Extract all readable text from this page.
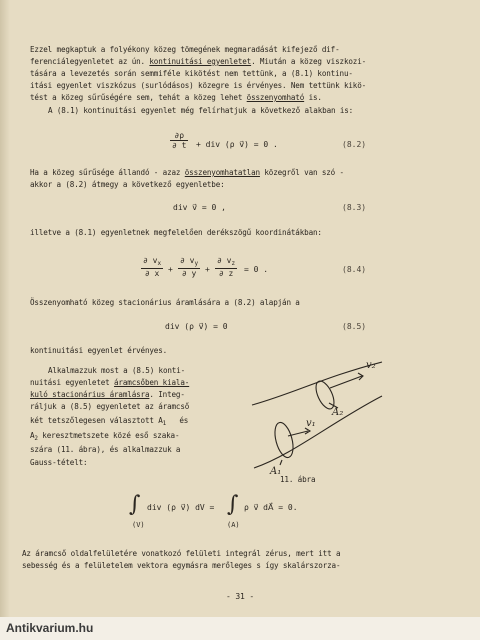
Ezzel megkaptuk a folyékony közeg tömegének megmaradását kifejező dif-
ferenciálegyenletet az ún. kontinuitási egyenletet. Miután a közeg viszkozi-
tására a levezetés során semmiféle kikötést nem tettünk, a (8.1) kontinu-
itási egyenlet viszkózus (surlódásos) közegre is érvényes. Nem tettünk kikö-
tést a közeg sűrűségére sem, tehát a közeg lehet összenyomható is.
A (8.1) kontinuitási egyenlet még felírhatjuk a következő alakban is:
$\frac{\partial\rho}{\partial t}$ + div (ρ v⃗) = 0 .	(8.2)
Ha a közeg sűrűsége állandó - azaz összenyomhatatlan közegről van szó -
akkor a (8.2) átmegy a következő egyenletbe:
div v⃗ = 0 ,	(8.3)
illetve a (8.1) egyenletnek megfelelően derékszögű koordinátákban:
$\frac{\partial v_x}{\partial x} + \frac{\partial v_y}{\partial y} + \frac{\partial v_z}{\partial z} = 0$ .	(8.4)
Összenyomható közeg stacionárius áramlására a (8.2) alapján a
div (ρ v⃗) = 0	(8.5)
kontinuitási egyenlet érvényes.
Alkalmazzuk most a (8.5) konti-
nuitási egyenletet áramcsőben kiala-
kuló stacionárius áramlásra. Integ-
ráljuk a (8.5) egyenletet az áramcső
két tetszőlegesen választott $A_1$ és
$A_2$ keresztmetszete közé eső szaka-
szára (11. ábra), és alkalmazzuk a
Gauss-tételt:
v₂
v₁
A₂
A₁
11. ábra
∫ div (ρ v⃗) dV = ∫ ρ v⃗ dA⃗ = 0.
(V)	(A)
Az áramcső oldalfelületére vonatkozó felületi integrál zérus, mert itt a
sebesség és a felületelem vektora egymásra merőleges s így skalárszorza-
- 31 -
Antikvarium.hu
